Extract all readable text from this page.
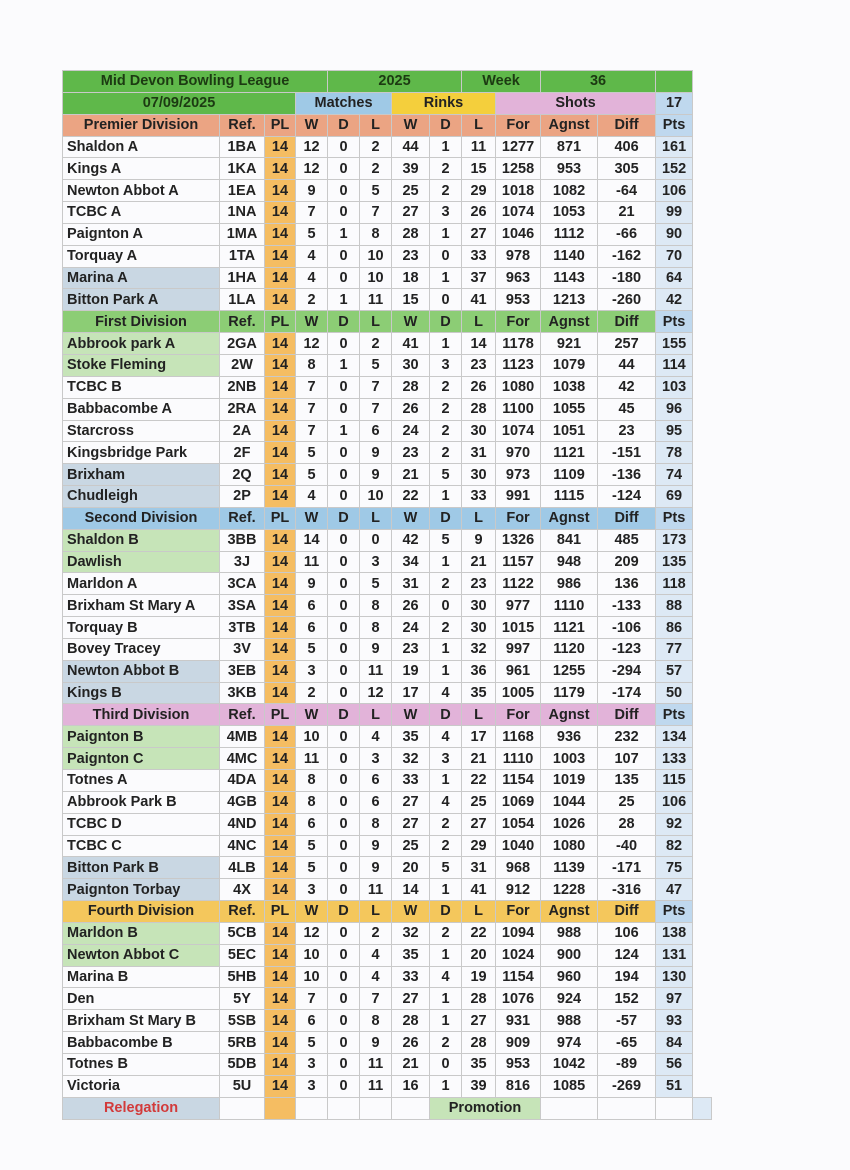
Mid Devon Bowling League				2025				Week		36			
07/09/2025			Matches			Rinks			Shots			17	
Premier Division	Ref.	PL	W	D	L	W	D	L	For	Agnst	Diff	Pts	
Shaldon A	1BA	14	12	0	2	44	1	11	1277	871	406	161	
Kings A	1KA	14	12	0	2	39	2	15	1258	953	305	152	
Newton Abbot A	1EA	14	9	0	5	25	2	29	1018	1082	-64	106	
TCBC A	1NA	14	7	0	7	27	3	26	1074	1053	21	99	
Paignton A	1MA	14	5	1	8	28	1	27	1046	1112	-66	90	
Torquay A	1TA	14	4	0	10	23	0	33	978	1140	-162	70	
Marina A	1HA	14	4	0	10	18	1	37	963	1143	-180	64	
Bitton Park A	1LA	14	2	1	11	15	0	41	953	1213	-260	42	
First Division	Ref.	PL	W	D	L	W	D	L	For	Agnst	Diff	Pts	
Abbrook park A	2GA	14	12	0	2	41	1	14	1178	921	257	155	
Stoke Fleming	2W	14	8	1	5	30	3	23	1123	1079	44	114	
TCBC B	2NB	14	7	0	7	28	2	26	1080	1038	42	103	
Babbacombe A	2RA	14	7	0	7	26	2	28	1100	1055	45	96	
Starcross	2A	14	7	1	6	24	2	30	1074	1051	23	95	
Kingsbridge Park	2F	14	5	0	9	23	2	31	970	1121	-151	78	
Brixham	2Q	14	5	0	9	21	5	30	973	1109	-136	74	
Chudleigh	2P	14	4	0	10	22	1	33	991	1115	-124	69	
Second Division	Ref.	PL	W	D	L	W	D	L	For	Agnst	Diff	Pts	
Shaldon B	3BB	14	14	0	0	42	5	9	1326	841	485	173	
Dawlish	3J	14	11	0	3	34	1	21	1157	948	209	135	
Marldon A	3CA	14	9	0	5	31	2	23	1122	986	136	118	
Brixham St Mary A	3SA	14	6	0	8	26	0	30	977	1110	-133	88	
Torquay B	3TB	14	6	0	8	24	2	30	1015	1121	-106	86	
Bovey Tracey	3V	14	5	0	9	23	1	32	997	1120	-123	77	
Newton Abbot B	3EB	14	3	0	11	19	1	36	961	1255	-294	57	
Kings B	3KB	14	2	0	12	17	4	35	1005	1179	-174	50	
Third Division	Ref.	PL	W	D	L	W	D	L	For	Agnst	Diff	Pts	
Paignton B	4MB	14	10	0	4	35	4	17	1168	936	232	134	
Paignton C	4MC	14	11	0	3	32	3	21	1110	1003	107	133	
Totnes A	4DA	14	8	0	6	33	1	22	1154	1019	135	115	
Abbrook Park B	4GB	14	8	0	6	27	4	25	1069	1044	25	106	
TCBC D	4ND	14	6	0	8	27	2	27	1054	1026	28	92	
TCBC C	4NC	14	5	0	9	25	2	29	1040	1080	-40	82	
Bitton Park B	4LB	14	5	0	9	20	5	31	968	1139	-171	75	
Paignton Torbay	4X	14	3	0	11	14	1	41	912	1228	-316	47	
Fourth Division	Ref.	PL	W	D	L	W	D	L	For	Agnst	Diff	Pts	
Marldon B	5CB	14	12	0	2	32	2	22	1094	988	106	138	
Newton Abbot C	5EC	14	10	0	4	35	1	20	1024	900	124	131	
Marina B	5HB	14	10	0	4	33	4	19	1154	960	194	130	
Den	5Y	14	7	0	7	27	1	28	1076	924	152	97	
Brixham St Mary B	5SB	14	6	0	8	28	1	27	931	988	-57	93	
Babbacombe B	5RB	14	5	0	9	26	2	28	909	974	-65	84	
Totnes B	5DB	14	3	0	11	21	0	35	953	1042	-89	56	
Victoria	5U	14	3	0	11	16	1	39	816	1085	-269	51	
Relegation							Promotion						
